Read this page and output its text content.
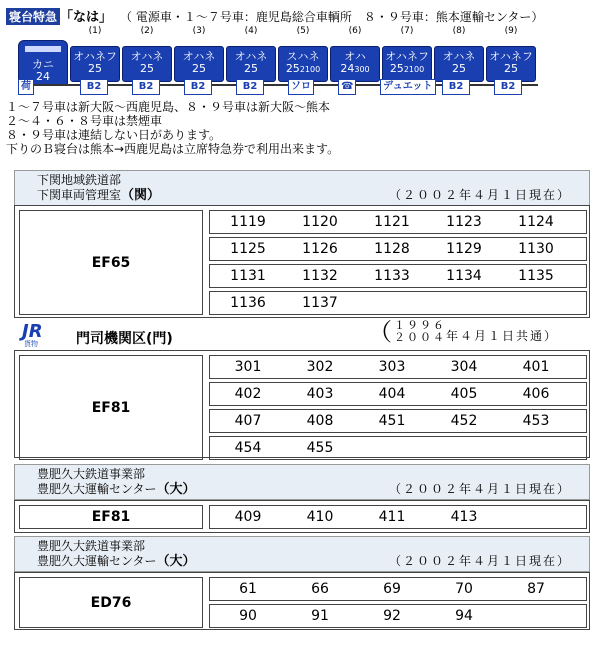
寝台特急 「なは」 （ 電源車・１～７号車：鹿児島総合車輌所　８・９号車：熊本運輸センター）
(1)	(2)	(3)	(4)	(5)	(6)	(7)	(8)	(9)
カニ
24
オハネフ
25
オハネ
25
オハネ
25
オハネ
25
スハネ
252100
オハ
24300
オハネフ
252100
オハネ
25
オハネフ
25
荷	B2	B2	B2	B2	ソロ	☎	デュエット	B2	B2
１～７号車は新大阪～西鹿児島、８・９号車は新大阪～熊本
２～４・６・８号車は禁煙車
８・９号車は連結しない日があります。
下りのＢ寝台は熊本→西鹿児島は立席特急券で利用出来ます。
下関地域鉄道部
下関車両管理室（関）	（２００２年４月１日現在）
EF65
1119	1120	1121	1123	1124
1125	1126	1128	1129	1130
1131	1132	1133	1134	1135
1136	1137
JR
貨物	門司機関区(門)	（ １９９６
２００４ 年４月１日共通）
EF81
301	302	303	304	401
402	403	404	405	406
407	408	451	452	453
454	455
豊肥久大鉄道事業部
豊肥久大運輸センター（大）	（２００２年４月１日現在）
EF81	409	410	411	413
豊肥久大鉄道事業部
豊肥久大運輸センター（大）	（２００２年４月１日現在）
ED76
61	66	69	70	87
90	91	92	94
